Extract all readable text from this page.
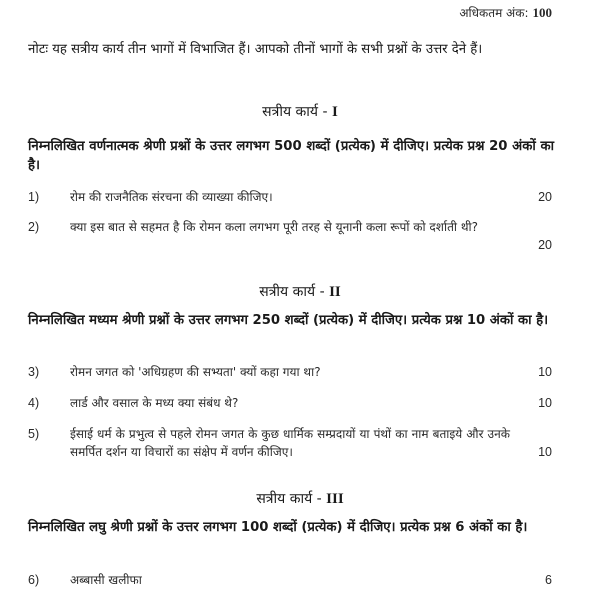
अधिकतम अंक: 100
नोटः यह सत्रीय कार्य तीन भागों में विभाजित हैं। आपको तीनों भागों के सभी प्रश्नों के उत्तर देने हैं।
सत्रीय कार्य - I
निम्नलिखित वर्णनात्मक श्रेणी प्रश्नों के उत्तर लगभग 500 शब्दों (प्रत्येक) में दीजिए। प्रत्येक प्रश्न 20 अंकों का है।
1)	रोम की राजनैतिक संरचना की व्याख्या कीजिए।	20
2)	क्या इस बात से सहमत है कि रोमन कला लगभग पूरी तरह से यूनानी कला रूपों को दर्शाती थी?
20
सत्रीय कार्य - II
निम्नलिखित मध्यम श्रेणी प्रश्नों के उत्तर लगभग 250 शब्दों (प्रत्येक) में दीजिए। प्रत्येक प्रश्न 10 अंकों का है।
3)	रोमन जगत को 'अधिग्रहण की सभ्यता' क्यों कहा गया था?	10
4)	लार्ड और वसाल के मध्य क्या संबंध थे?	10
5)	ईसाई धर्म के प्रभुत्व से पहले रोमन जगत के कुछ धार्मिक सम्प्रदायों या पंथों का नाम बताइये और उनके समर्पित दर्शन या विचारों का संक्षेप में वर्णन कीजिए।	10
सत्रीय कार्य - III
निम्नलिखित लघु श्रेणी प्रश्नों के उत्तर लगभग 100 शब्दों (प्रत्येक) में दीजिए। प्रत्येक प्रश्न 6 अंकों का है।
6)	अब्बासी खलीफा	6
